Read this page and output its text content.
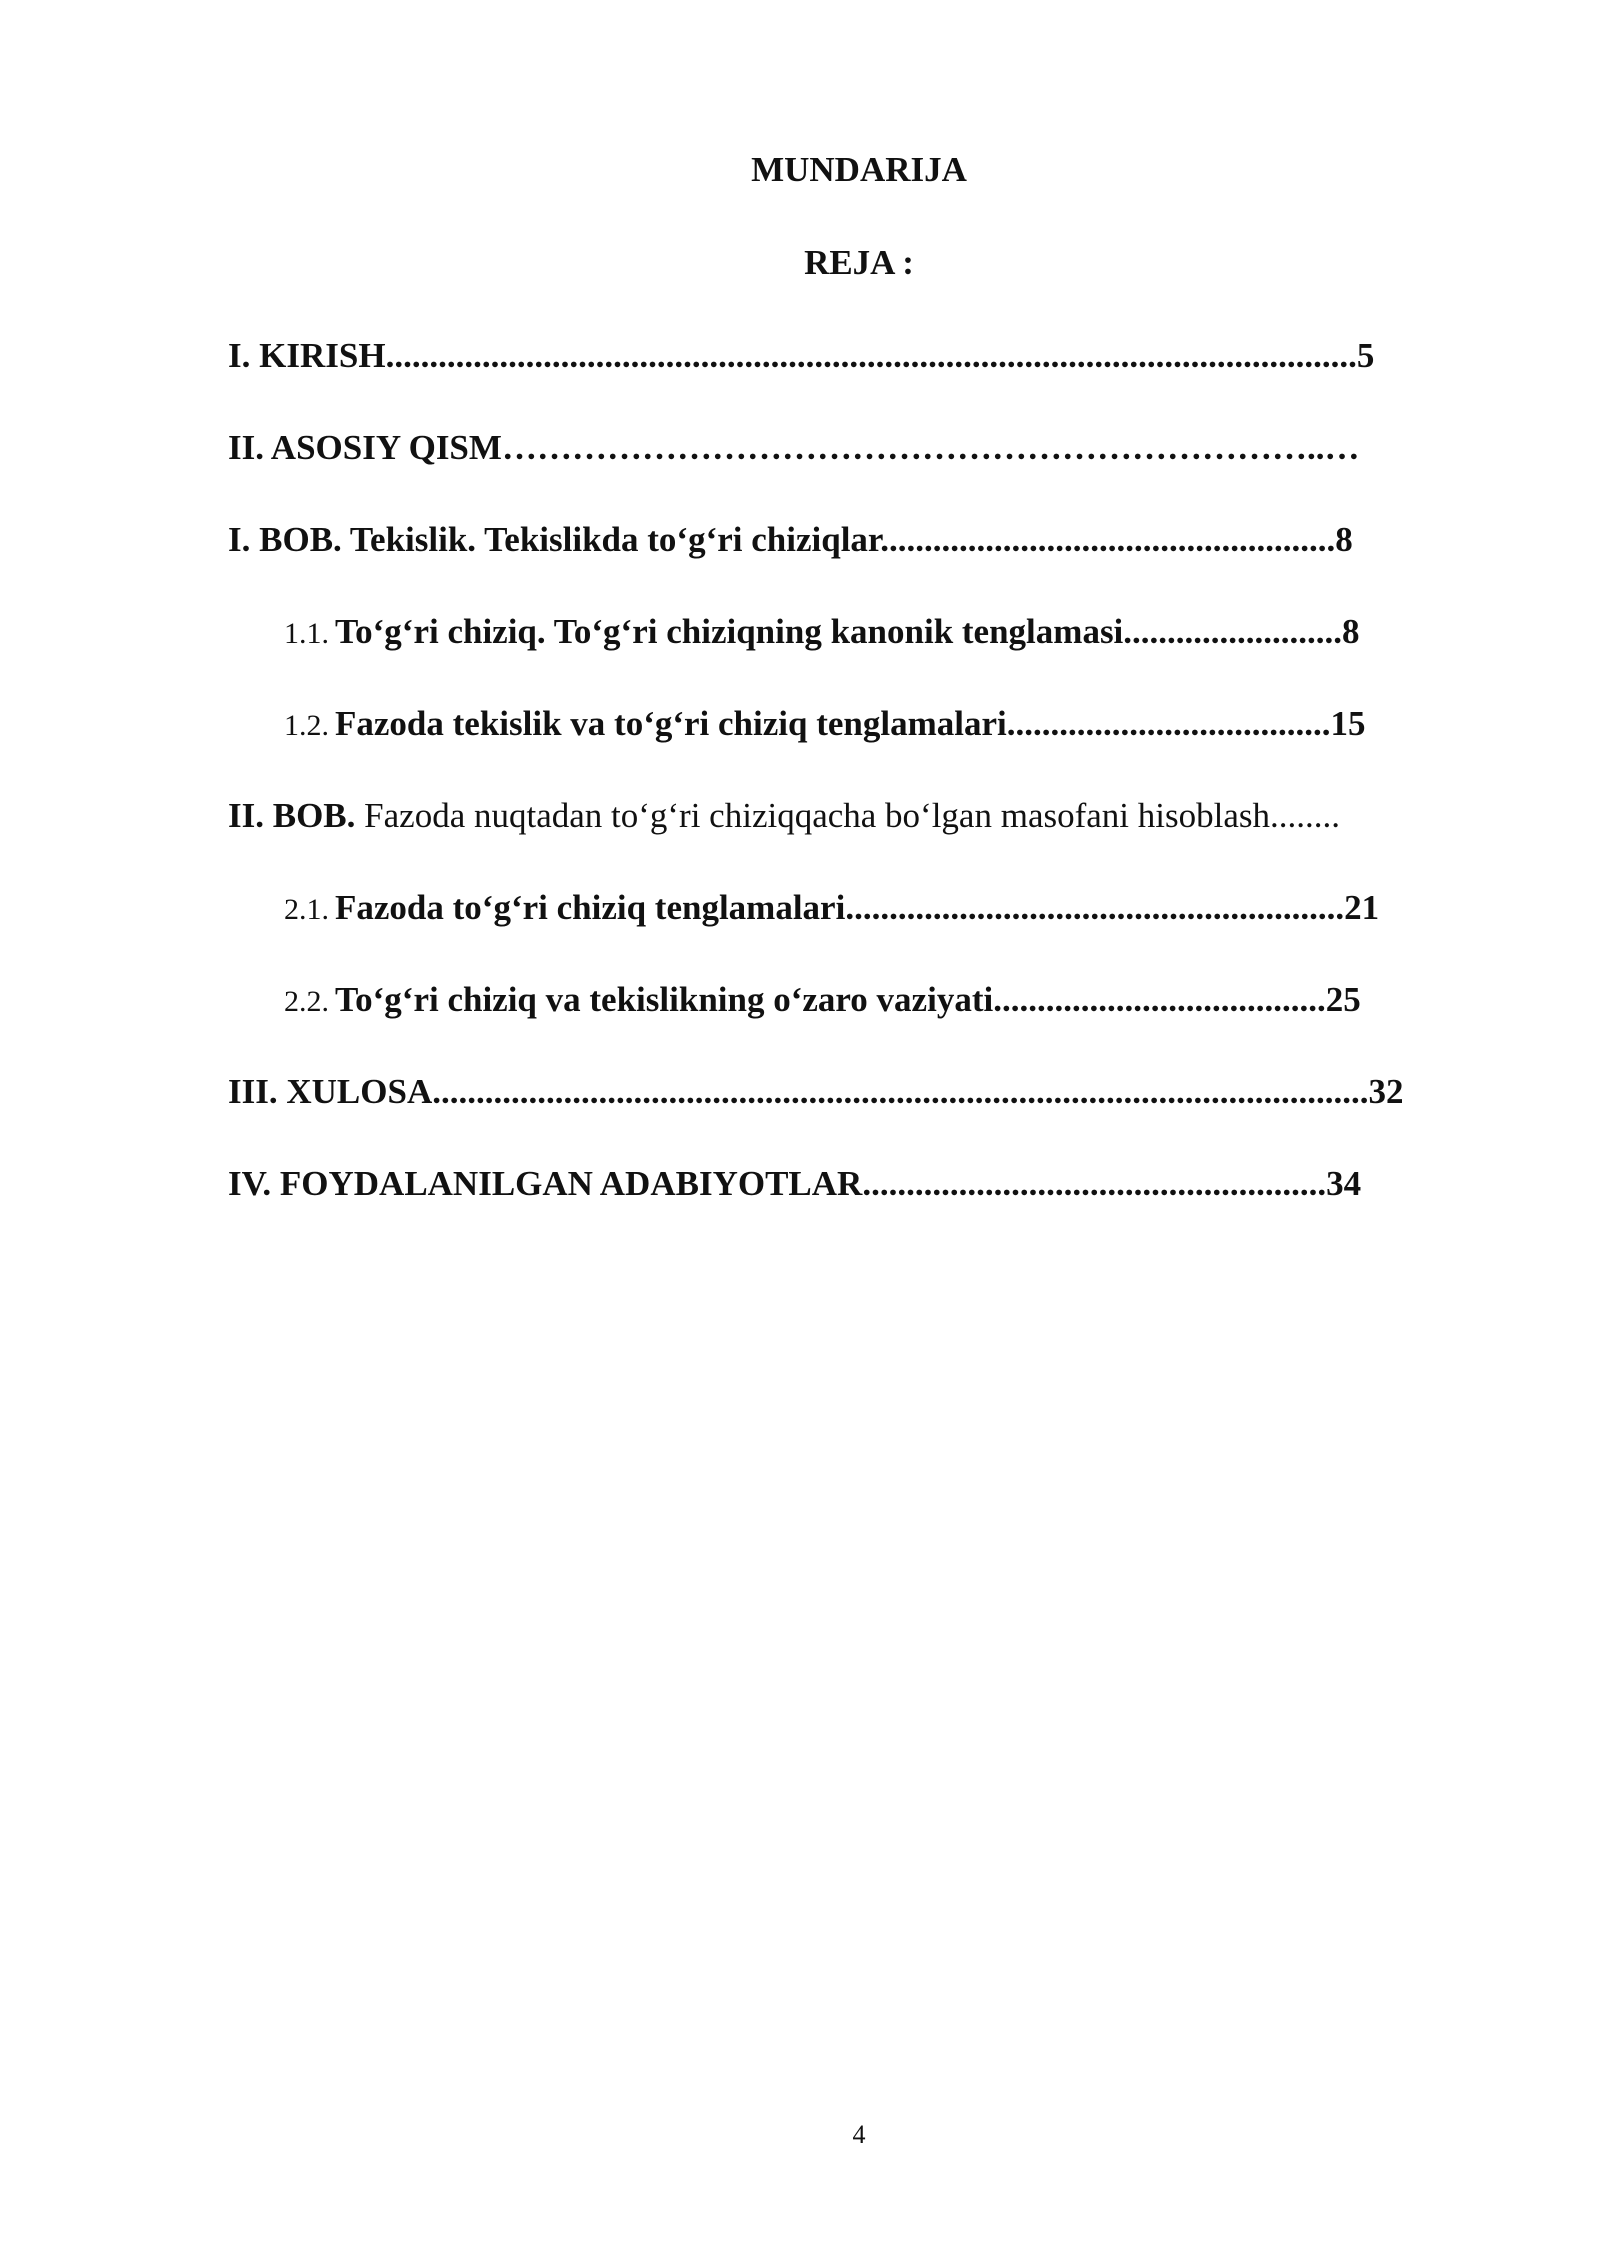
MUNDARIJA
REJA :
I. KIRISH...............................................................................................................5
II. ASOSIY QISM……………………………………………………………..…
I. BOB. Tekislik. Tekislikda to‘g‘ri chiziqlar....................................................8
1.1. To‘g‘ri chiziq. To‘g‘ri chiziqning kanonik tenglamasi.........................8
1.2. Fazoda tekislik va to‘g‘ri chiziq tenglamalari.....................................15
II. BOB. Fazoda nuqtadan to‘g‘ri chiziqqacha bo‘lgan masofani hisoblash........
2.1. Fazoda to‘g‘ri chiziq tenglamalari.........................................................21
2.2. To‘g‘ri chiziq va tekislikning o‘zaro vaziyati......................................25
III. XULOSA...........................................................................................................32
IV. FOYDALANILGAN ADABIYOTLAR.....................................................34
4
